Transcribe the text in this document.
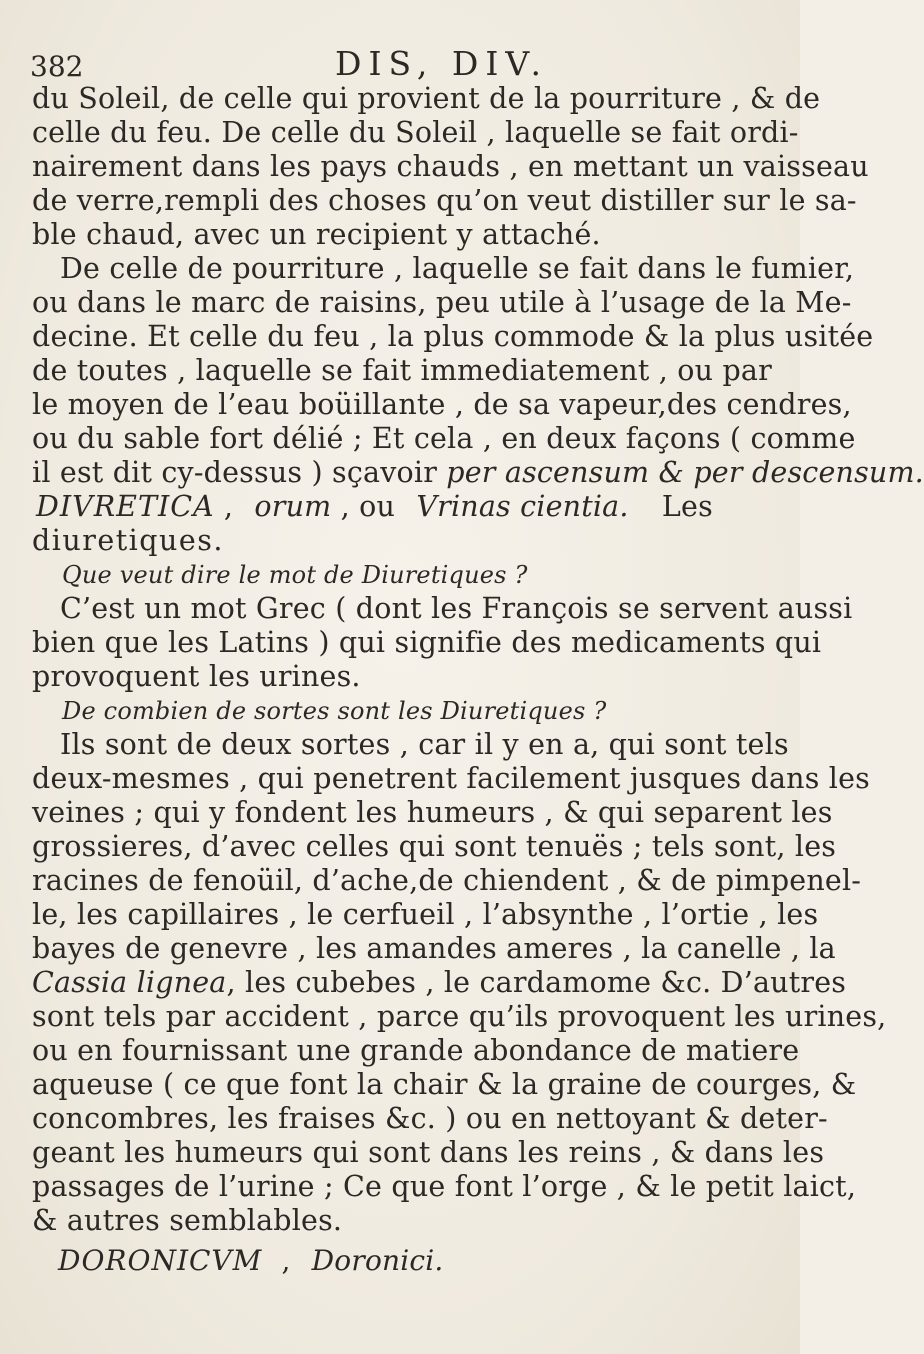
382	DIS, DIV.
du Soleil, de celle qui provient de la pourriture , & de
celle du feu. De celle du Soleil , laquelle se fait ordi-
nairement dans les pays chauds , en mettant un vaisseau
de verre,rempli des choses qu’on veut distiller sur le sa-
ble chaud, avec un recipient y attaché.
De celle de pourriture , laquelle se fait dans le fumier,
ou dans le marc de raisins, peu utile à l’usage de la Me-
decine. Et celle du feu , la plus commode & la plus usitée
de toutes , laquelle se fait immediatement , ou par
le moyen de l’eau boüillante , de sa vapeur,des cendres,
ou du sable fort délié ; Et cela , en deux façons ( comme
il est dit cy-dessus ) sçavoir per ascensum & per descensum.
DIVRETICA , orum , ou Vrinas cientia. Les
diuretiques.
Que veut dire le mot de Diuretiques ?
C’est un mot Grec ( dont les François se servent aussi
bien que les Latins ) qui signifie des medicaments qui
provoquent les urines.
De combien de sortes sont les Diuretiques ?
Ils sont de deux sortes , car il y en a, qui sont tels
deux-mesmes , qui penetrent facilement jusques dans les
veines ; qui y fondent les humeurs , & qui separent les
grossieres, d’avec celles qui sont tenuës ; tels sont, les
racines de fenoüil, d’ache,de chiendent , & de pimpenel-
le, les capillaires , le cerfueil , l’absynthe , l’ortie , les
bayes de genevre , les amandes ameres , la canelle , la
Cassia lignea, les cubebes , le cardamome &c. D’autres
sont tels par accident , parce qu’ils provoquent les urines,
ou en fournissant une grande abondance de matiere
aqueuse ( ce que font la chair & la graine de courges, &
concombres, les fraises &c. ) ou en nettoyant & deter-
geant les humeurs qui sont dans les reins , & dans les
passages de l’urine ; Ce que font l’orge , & le petit laict,
& autres semblables.
DORONICVM , Doronici.
